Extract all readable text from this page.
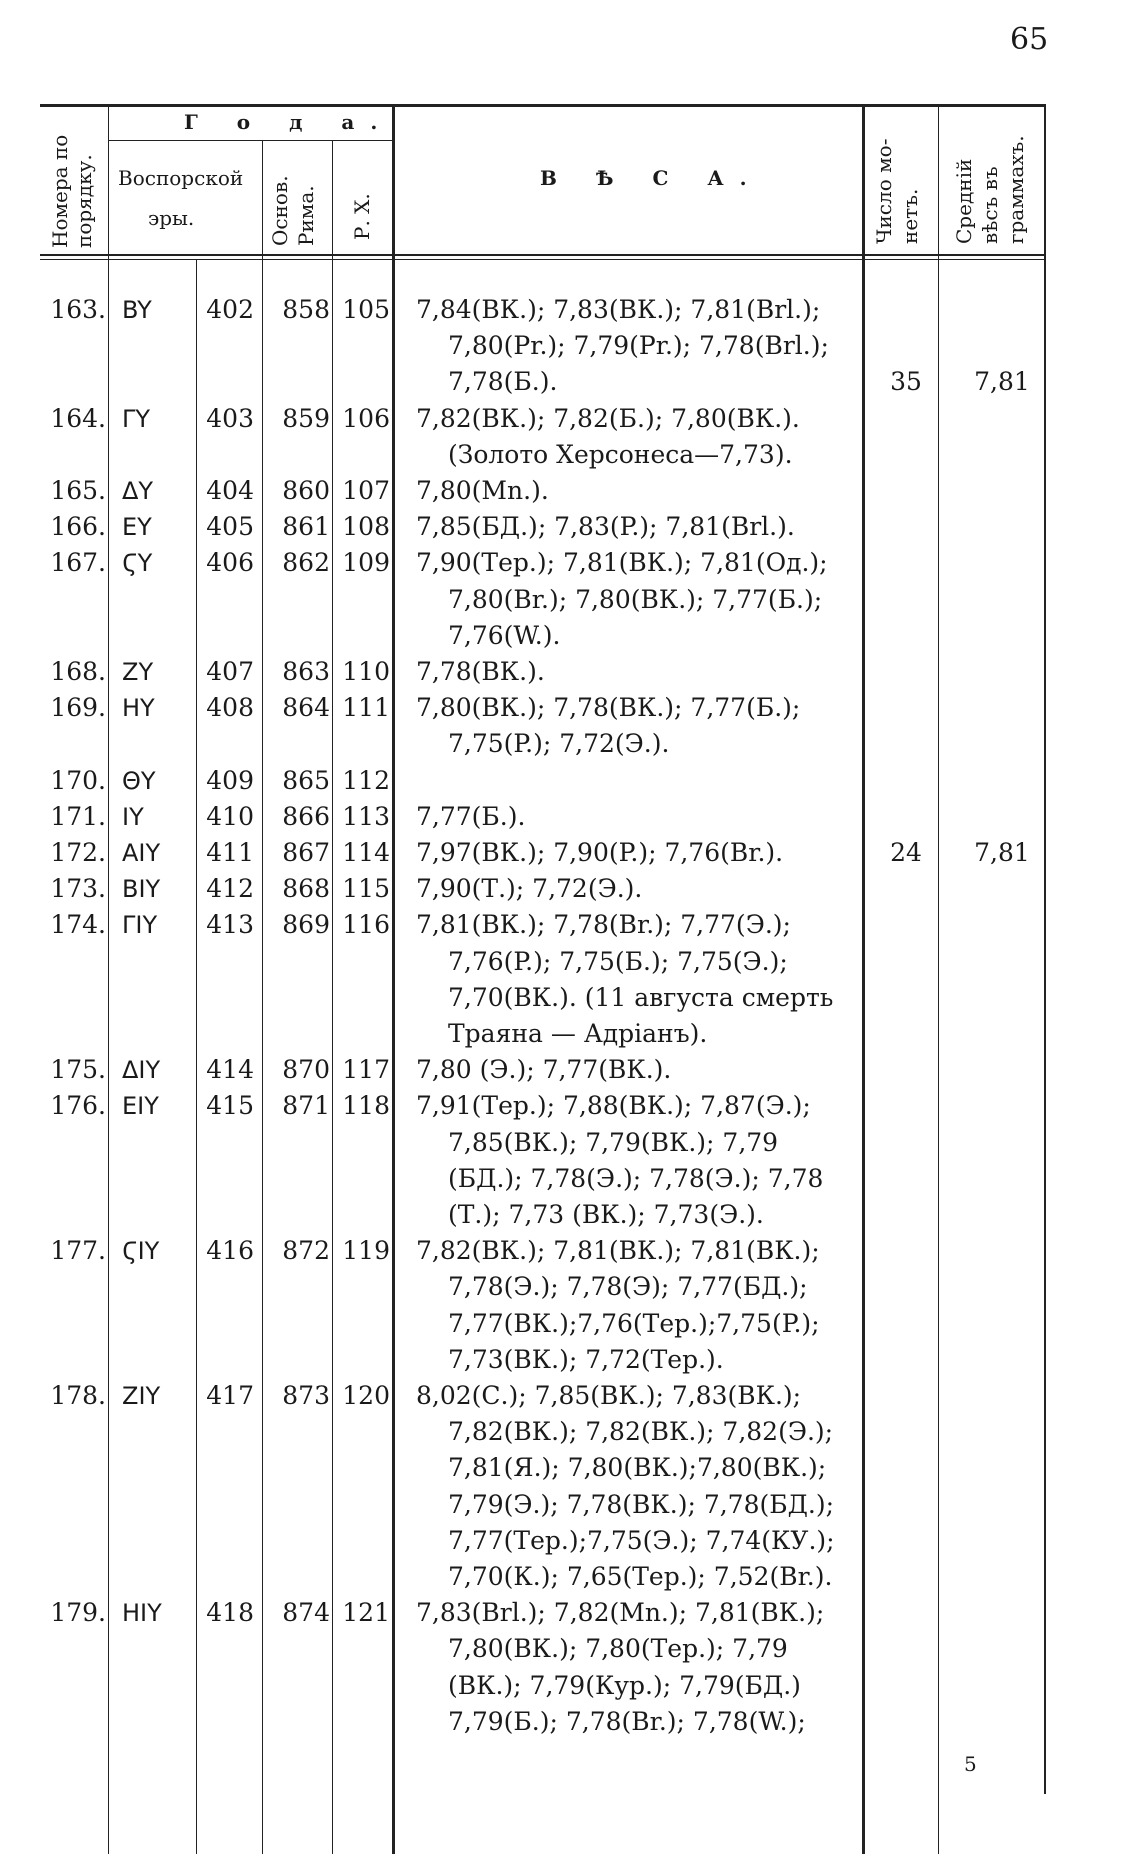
65
Номера по порядку.
Г о д а.
Воспорской
эры.	Основ. Рима. Р. Х.
В Ѣ С А.	Число мо- нетъ. Средній вѣсъ въ граммахъ.
163. BY	402	858 105 7,84(ВК.); 7,83(ВК.); 7,81(Brl.);
7,80(Pr.); 7,79(Pr.); 7,78(Brl.);
7,78(Б.).	35	7,81
164. ΓY	403	859 106 7,82(ВК.); 7,82(Б.); 7,80(ВК.).
(Золото Херсонеса—7,73).
165. ΔY	404	860 107 7,80(Mn.).
166. EY	405	861 108 7,85(БД.); 7,83(P.); 7,81(Brl.).
167. ϚY	406	862 109 7,90(Тер.); 7,81(ВК.); 7,81(Од.);
7,80(Br.); 7,80(ВК.); 7,77(Б.);
7,76(W.).
168. ZY	407	863 110 7,78(ВК.).
169. HY	408	864 111 7,80(ВК.); 7,78(ВК.); 7,77(Б.);
7,75(P.); 7,72(Э.).
170. ΘY	409	865 112
171. IY	410	866 113 7,77(Б.).
172. AIY	411	867 114 7,97(ВК.); 7,90(P.); 7,76(Br.).	24	7,81
173. BIY	412	868 115 7,90(Т.); 7,72(Э.).
174. ΓIY	413	869 116 7,81(ВК.); 7,78(Br.); 7,77(Э.);
7,76(P.); 7,75(Б.); 7,75(Э.);
7,70(ВК.). (11 августа смерть
Траяна — Адріанъ).
175. ΔIY	414	870 117 7,80 (Э.); 7,77(ВК.).
176. EIY	415	871 118 7,91(Тер.); 7,88(ВК.); 7,87(Э.);
7,85(ВК.); 7,79(ВК.); 7,79
(БД.); 7,78(Э.); 7,78(Э.); 7,78
(Т.); 7,73 (ВК.); 7,73(Э.).
177. ϚIY	416	872 119 7,82(ВК.); 7,81(ВК.); 7,81(ВК.);
7,78(Э.); 7,78(Э); 7,77(БД.);
7,77(ВК.);7,76(Тер.);7,75(P.);
7,73(ВК.); 7,72(Тер.).
178. ZIY	417	873 120 8,02(С.); 7,85(ВК.); 7,83(ВК.);
7,82(ВК.); 7,82(ВК.); 7,82(Э.);
7,81(Я.); 7,80(ВК.);7,80(ВК.);
7,79(Э.); 7,78(ВК.); 7,78(БД.);
7,77(Тер.);7,75(Э.); 7,74(КУ.);
7,70(К.); 7,65(Тер.); 7,52(Br.).
179. HIY	418	874 121 7,83(Brl.); 7,82(Mn.); 7,81(ВК.);
7,80(ВК.); 7,80(Тер.); 7,79
(ВК.); 7,79(Кур.); 7,79(БД.)
7,79(Б.); 7,78(Br.); 7,78(W.);
5
